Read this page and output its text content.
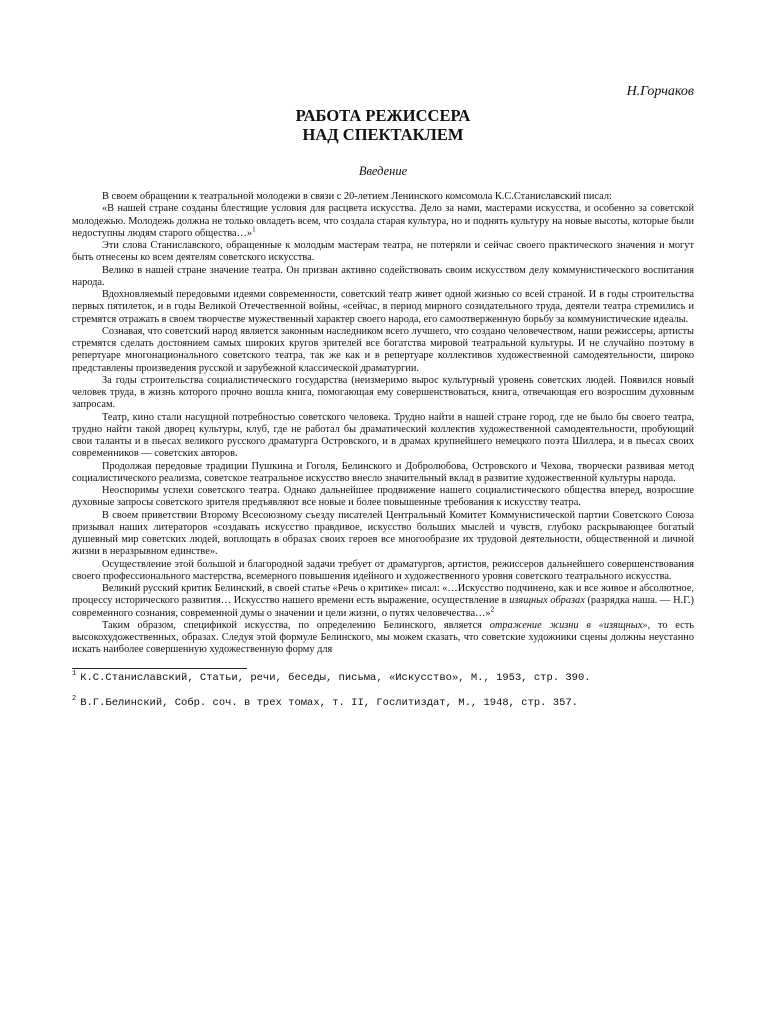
Н.Горчаков
РАБОТА РЕЖИССЕРА
НАД СПЕКТАКЛЕМ
Введение

В своем обращении к театральной молодежи в связи с 20-летием Ленинского комсомола К.С.Станиславский писал:

«В нашей стране созданы блестящие условия для расцвета искусства. Дело за нами, мастерами искусства, и особенно за советской молодежью. Молодежь должна не только овладеть всем, что создала старая культура, но и поднять культуру на новые высоты, которые были недоступны людям старого общества…»$^1$

Эти слова Станиславского, обращенные к молодым мастерам театра, не потеряли и сейчас своего практического значения и могут быть отнесены ко всем деятелям советского искусства.

Велико в нашей стране значение театра. Он призван активно содействовать своим искусством делу коммунистического воспитания народа.

Вдохновляемый передовыми идеями современности, советский театр живет одной жизнью со всей страной. И в годы строительства первых пятилеток, и в годы Великой Отечественной войны, «сейчас, в период мирного созидательного труда, деятели театра стремились и стремятся отражать в своем творчестве мужественный характер своего народа, его самоотверженную борьбу за коммунистические идеалы.

Сознавая, что советский народ является законным наследником всего лучшего, что создано человечеством, наши режиссеры, артисты стремятся сделать достоянием самых широких кругов зрителей все богатства мировой театральной культуры. И не случайно поэтому в репертуаре многонационального советского театра, так же как и в репертуаре коллективов художественной самодеятельности, широко представлены произведения русской и зарубежной классической драматургии.

За годы строительства социалистического государства (неизмеримо вырос культурный уровень советских людей. Появился новый человек труда, в жизнь которого прочно вошла книга, помогающая ему совершенствоваться, книга, отвечающая его возросшим духовным запросам.

Театр, кино стали насущной потребностью советского человека. Трудно найти в нашей стране город, где не было бы своего театра, трудно найти такой дворец культуры, клуб, где не работал бы драматический коллектив художественной самодеятельности, пробующий свои таланты и в пьесах великого русского драматурга Островского, и в драмах крупнейшего немецкого поэта Шиллера, и в пьесах своих современников — советских авторов.

Продолжая передовые традиции Пушкина и Гоголя, Белинского и Добролюбова, Островского и Чехова, творчески развивая метод социалистического реализма, советское театральное искусство внесло значительный вклад в развитие художественной культуры народа.

Неоспоримы успехи советского театра. Однако дальнейшее продвижение нашего социалистического общества вперед, возросшие духовные запросы советского зрителя предъявляют все новые и более повышенные требования к искусству театра.

В своем приветствии Второму Всесоюзному съезду писателей Центральный Комитет Коммунистической партии Советского Союза призывал наших литераторов «создавать искусство правдивое, искусство больших мыслей и чувств, глубоко раскрывающее богатый душевный мир советских людей, воплощать в образах своих героев все многообразие их трудовой деятельности, общественной и личной жизни в неразрывном единстве».

Осуществление этой большой и благородной задачи требует от драматургов, артистов, режиссеров дальнейшего совершенствования своего профессионального мастерства, всемерного повышения идейного и художественного уровня советского театрального искусства.

Великий русский критик Белинский, в своей статье «Речь о критике» писал: «…Искусство подчинено, как и все живое и абсолютное, процессу исторического развития… Искусство нашего времени есть выражение, осуществление в изящных образах (разрядка наша. — Н.Г.) современного сознания, современной думы о значении и цели жизни, о путях человечества…»$^2$

Таким образом, спецификой искусства, по определению Белинского, является отражение жизни в «изящных», то есть высокохудожественных, образах. Следуя этой формуле Белинского, мы можем сказать, что советские художники сцены должны неустанно искать наиболее совершенную художественную форму для

$^1$ К.С.Станиславский, Статьи, речи, беседы, письма, «Искусство», М., 1953, стр. 390.
$^2$ В.Г.Белинский, Собр. соч. в трех томах, т. II, Гослитиздат, М., 1948, стр. 357.
